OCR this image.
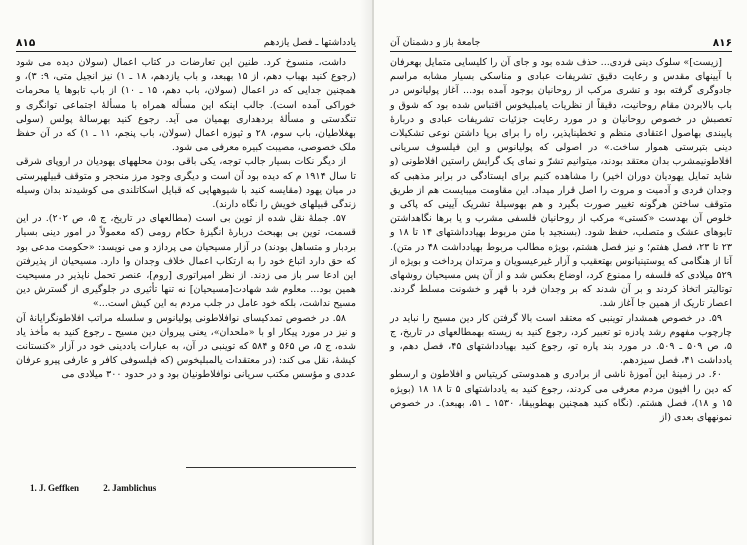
۸۱۵	یادداشتها ـ فصل یازدهم

داشت، منسوخ کرد. طنین این تعارضات در کتاب اعمال (سولان دیده می شود (رجوع کنید بهباب دهم، از ۱۵ بهبعد، و باب یازدهم، ۱۸ ـ ۱) نیز انجیل متی، ۹: ۳)، و همچنین جدایی که در اعمال (سولان، باب دهم، ۱۵ ـ ۱۰) از باب تابوها یا محرمات خوراکی آمده است). جالب اینکه این مسأله همراه با مسألهٔ اجتماعی توانگری و تنگدستی و مسألهٔ بردهداری بهمیان می آید. رجوع کنید بهرسالهٔ پولس (سولی بهغلاطیان، باب سوم، ۲۸ و ثیوزه اعمال (سولان، باب پنجم، ۱۱ ـ ۱) که در آن حفظ ملک خصوصی، مصیبت کبیره معرفی می شود.

از دیگر نکات بسیار جالب توجه، یکی باقی بودن محلههای یهودیان در اروپای شرقی تا سال ۱۹۱۴ م که دیده بود آن است و دیگری وجود مرز منحجر و متوقف قبیلهپرستی در میان یهود (مقایسه کنید با شیوههایی که قبایل اسکاتلندی می کوشیدند بدان وسیله زندگی قبیلهای خویش را نگاه دارند).

۵۷. جملهٔ نقل شده از توین بی است (مطالعهای در تاریخ، ج ۵، ص ۲۰۲). در این قسمت، توین بی بهبحث دربارهٔ انگیزهٔ حکام رومی (که معمولاً در امور دینی بسیار بردبار و متساهل بودند) در آزار مسیحیان می پردازد و می نویسد: «حکومت مدعی بود که حق دارد اتباع خود را به ارتکاب اعمال خلاف وجدان وا دارد. مسیحیان از پذیرفتن این ادعا سر باز می زدند. از نظر امپراتوری [روم]، عنصر تحمل ناپذیر در مسیحیت همین بود... معلوم شد شهادت[مسیحیان] نه تنها تأثیری در جلوگیری از گسترش دین مسیح نداشت، بلکه خود عامل در جلب مردم به این کیش است...»

۵۸. در خصوص تمدکیسای نوافلاطونی پولیانوس و سلسله مراتب افلاطونگرایانهٔ آن و نیز در مورد پیکار او با «ملحدان»، یعنی پیروان دین مسیح ـ رجوع کنید به مأخذ یاد شده، ج ۵، ص ۵۶۵ و ۵۸۴ که توینبی در آن، به عبارات یاددینی خود در آزار «کنستانت کیشهٔ، نقل می کند: (در معتقدات یالمبلیخوس (که فیلسوفی کافر و عارفی پیرو عرفان عددی و مؤسس مکتب سریانی نوافلاطونیان بود و در حدود ۳۰۰ میلادی می

1. J. Geffken	2. Jamblichus
۸۱۶
جامعهٔ باز و دشمنان آن

[زیست]» سلوک دینی فردی... حذف شده بود و جای آن را کلیسایی متمایل بهعرفان با آیینهای مقدس و رعایت دقیق تشریفات عبادی و مناسکی بسیار مشابه مراسم جادوگری گرفته بود و تشری مرکب از روحانیان بوجود آمده بود... آغاز پولیانوس در باب بالابردن مقام روحانیت، دقیقاً از نظریات یامبلیخوس اقتباس شده بود که شوق و تعصبش در خصوص روحانیان و در مورد رعایت جزئیات تشریفات عبادی و دربارهٔ پایبندی بهاصول اعتقادی منظم و تخطیناپذیر، راه را برای برپا داشتن نوعی تشکیلات دینی بتپرستی هموار ساخت.» در اصولی که پولیانوس و این فیلسوف سریانی افلاطونیمشرب بدان معتقد بودند، میتوانیم تشرّ و نمای یک گرایش راستین افلاطونی (و شاید تمایل یهودیان دوران اخیر) را مشاهده کنیم برای ایستادگی در برابر مذهبی که وجدان فردی و آدمیت و مروت را اصل قرار میداد. این مقاومت میبایست هم از طریق متوقف ساختن هرگونه تغییر صورت بگیرد و هم بهوسیلهٔ تشریک آیینی که پاکی و خلوص آن بهدست «کستی» مرکب از روحانیان فلسفی مشرب و یا برها نگاهداشتن تابوهای عشک و متصلب، حفظ شود. (بسنجید با متن مربوط بهیادداشتهای ۱۴ تا ۱۸ و ۲۳ تا ۲۳، فصل هفتم؛ و نیز فصل هشتم، بویژه مطالب مربوط بهیادداشت ۴۸ در متن). آنا از هنگامی که یوستینیانوس بهتعقیب و آزار غیرعیسویان و مرتدان پرداخت و بویژه از ۵۲۹ میلادی که فلسفه را ممنوع کرد، اوضاع بعکس شد و از آن پس مسیحیان روشهای توتالیتر اتخاذ کردند و بر آن شدند که بر وجدان فرد با قهر و خشونت مسلط گردند. اعصار تاریک از همین جا آغاز شد.

۵۹. در خصوص همشدار توینبی که معتقد است بالا گرفتن کار دین مسیح را نباید در چارچوب مفهوم رشد پادزه تو تعبیر کرد، رجوع کنید به زیسته بهمطالعهای در تاریخ، ج ۵، ص ۵۰۹ ـ ۵۰۹. در مورد بند پاره تو، رجوع کنید بهیادداشتهای ۴۵، فصل دهم، و یادداشت ۴۱، فصل سیزدهم.

۶۰. در زمینهٔ این آموزهٔ ناشی از برادری و همدوستی کریتیاس و افلاطون و ارسطو که دین را افیون مردم معرفی می کردند، رجوع کنید به یادداشتهای ۵ تا ۱۸ ۱۸ (بویژه ۱۵ و ۱۸)، فصل هشتم. (نگاه کنید همچنین بهطوبیقا، ۱۵۳۰ ـ ۵۱، بهبعد). در خصوص نمونههای بعدی (از
